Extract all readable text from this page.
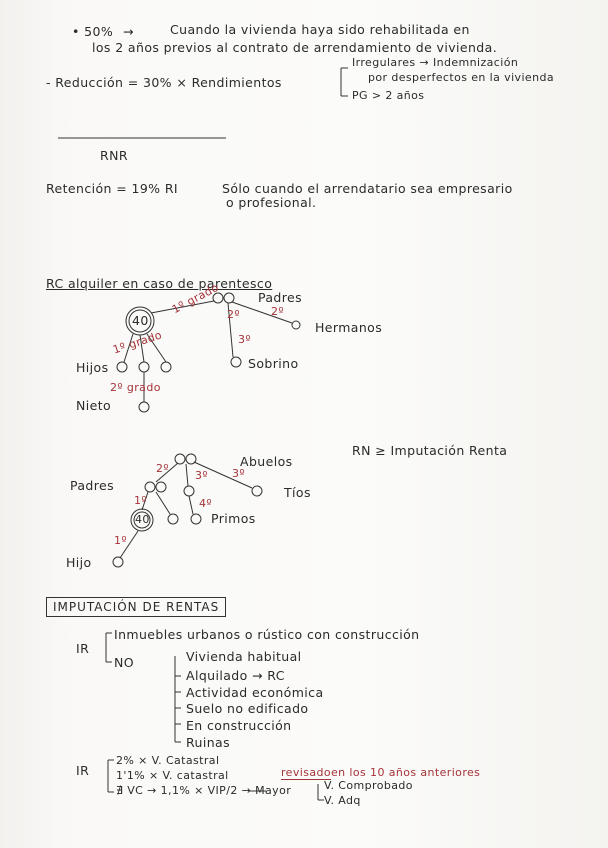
• 50% →	Cuando la vivienda haya sido rehabilitada en
los 2 años previos al contrato de arrendamiento de vivienda.
- Reducción = 30% × Rendimientos
Irregulares → Indemnización
por desperfectos en la vivienda
PG > 2 años
RNR
Retención = 19% RI	Sólo cuando el arrendatario sea empresario
o profesional.
RC alquiler en caso de parentesco
1º grado	Padres
Hermanos
2º	2º
3º
Sobrino
40
1º grado
Hijos
2º grado
Nieto
RN ≥ Imputación Renta
Abuelos
Padres	Tíos
Primos
Hijo
40
2º
3º 3º
1º	4º
1º
IMPUTACIÓN DE RENTAS
IR
Inmuebles urbanos o rústico con construcción
NO	Vivienda habitual
Alquilado → RC
Actividad económica
Suelo no edificado
En construcción
Ruinas
IR
2% × V. Catastral
1'1% × V. catastral	revisado en los 10 años anteriores
∄ VC → 1,1% × VIP/2 → Mayor	V. Comprobado
V. Adq
